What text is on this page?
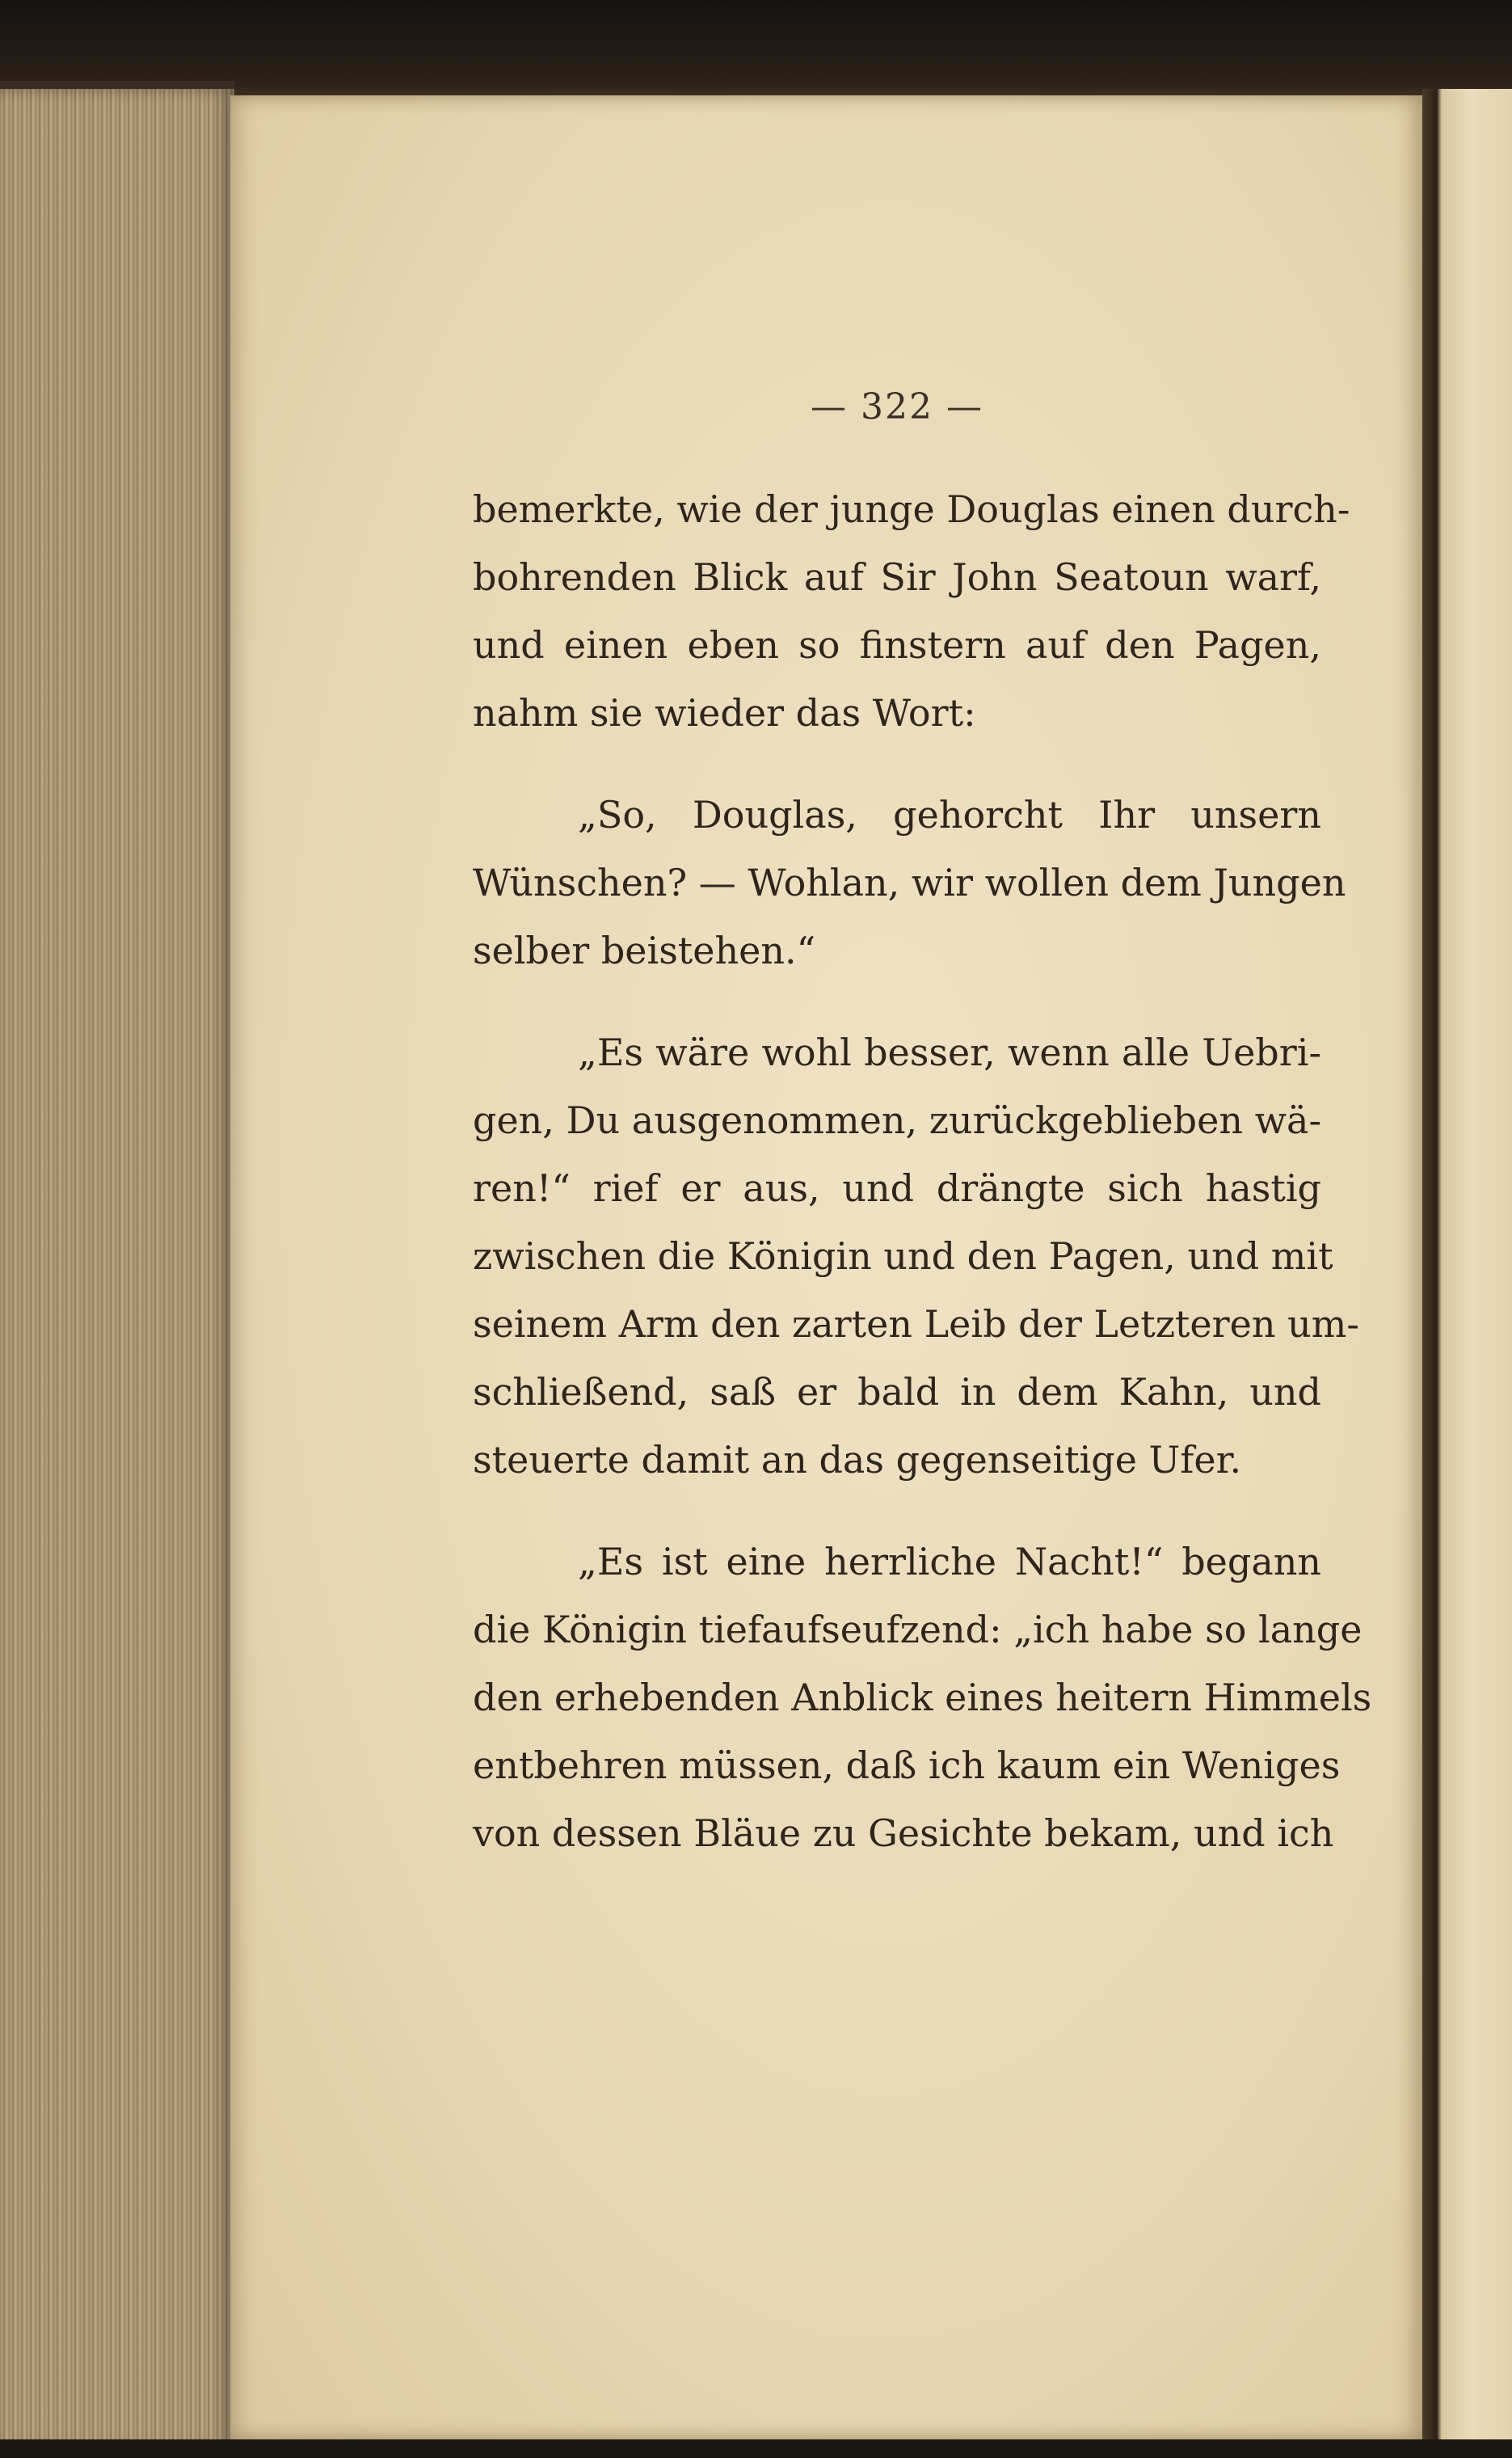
— 322 —
bemerkte, wie der junge Douglas einen durch-
bohrenden Blick auf Sir John Seatoun warf,
und einen eben so finstern auf den Pagen,
nahm sie wieder das Wort:
„So, Douglas, gehorcht Ihr unsern
Wünschen? — Wohlan, wir wollen dem Jungen
selber beistehen.“
„Es wäre wohl besser, wenn alle Uebri-
gen, Du ausgenommen, zurückgeblieben wä-
ren!“ rief er aus, und drängte sich hastig
zwischen die Königin und den Pagen, und mit
seinem Arm den zarten Leib der Letzteren um-
schließend, saß er bald in dem Kahn, und
steuerte damit an das gegenseitige Ufer.
„Es ist eine herrliche Nacht!“ begann
die Königin tiefaufseufzend: „ich habe so lange
den erhebenden Anblick eines heitern Himmels
entbehren müssen, daß ich kaum ein Weniges
von dessen Bläue zu Gesichte bekam, und ich
